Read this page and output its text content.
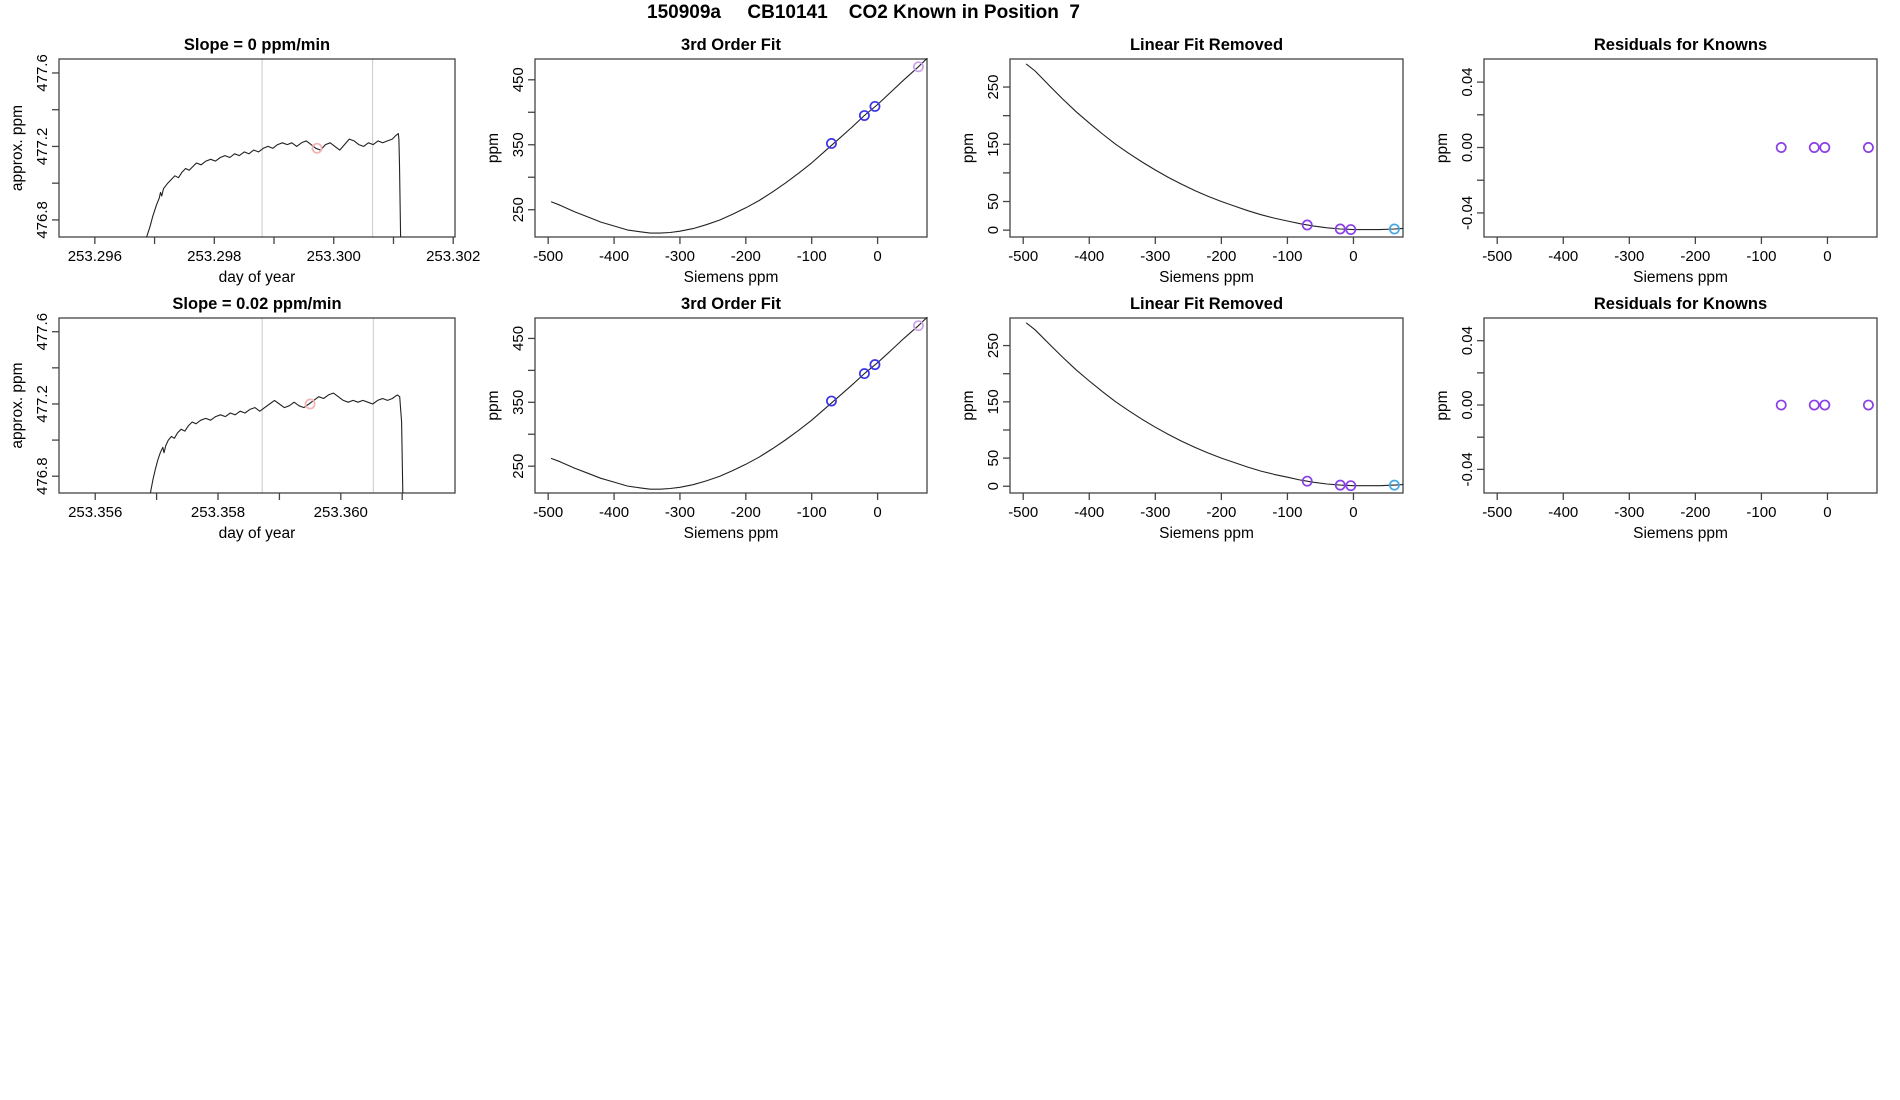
150909a     CB10141    CO2 Known in Position  7
253.296	253.298	253.300	253.302
476.8
477.2
477.6
day of year
approx. ppm
Slope = 0 ppm/min
-500 -400 -300 -200 -100	0
250
350
450
Siemens ppm
ppm
3rd Order Fit
-500 -400 -300 -200 -100	0
0
50
150
250
Siemens ppm
ppm
Linear Fit Removed
-500 -400 -300 -200 -100	0
-0.04
0.00
0.04
Siemens ppm
ppm
Residuals for Knowns
253.356	253.358	253.360
476.8
477.2
477.6
day of year
approx. ppm
Slope = 0.02 ppm/min
-500 -400 -300 -200 -100	0
250
350
450
Siemens ppm
ppm
3rd Order Fit
-500 -400 -300 -200 -100	0
0
50
150
250
Siemens ppm
ppm
Linear Fit Removed
-500 -400 -300 -200 -100	0
-0.04
0.00
0.04
Siemens ppm
ppm
Residuals for Knowns
